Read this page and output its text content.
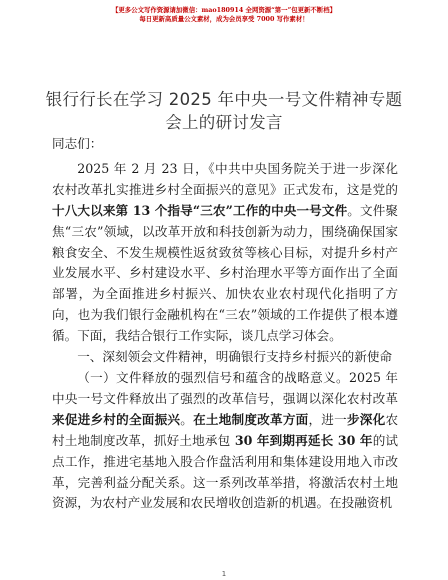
【更多公文写作资源请加微信：mao180914 全网资源“第一”包更新不断档】
每日更新高质量公文素材，成为会员享受 7000 写作素材！
银行行长在学习 2025 年中央一号文件精神专题
会上的研讨发言

同志们：

2025 年 2 月 23 日，《中共中央国务院关于进一步深化农村改革扎实推进乡村全面振兴的意见》正式发布，这是党的十八大以来第 13 个指导“三农”工作的中央一号文件。文件聚焦“三农”领域，以改革开放和科技创新为动力，围绕确保国家粮食安全、不发生规模性返贫致贫等核心目标，对提升乡村产业发展水平、乡村建设水平、乡村治理水平等方面作出了全面部署，为全面推进乡村振兴、加快农业农村现代化指明了方向，也为我们银行金融机构在“三农”领域的工作提供了根本遵循。下面，我结合银行工作实际，谈几点学习体会。

一、深刻领会文件精神，明确银行支持乡村振兴的新使命

（一）文件释放的强烈信号和蕴含的战略意义。2025 年中央一号文件释放出了强烈的改革信号，强调以深化农村改革来促进乡村的全面振兴。在土地制度改革方面，进一步深化农村土地制度改革，抓好土地承包 30 年到期再延长 30 年的试点工作，推进宅基地入股合作盘活利用和集体建设用地入市改革，完善利益分配关系。这一系列改革举措，将激活农村土地资源，为农村产业发展和农民增收创造新的机遇。在投融资机

1
